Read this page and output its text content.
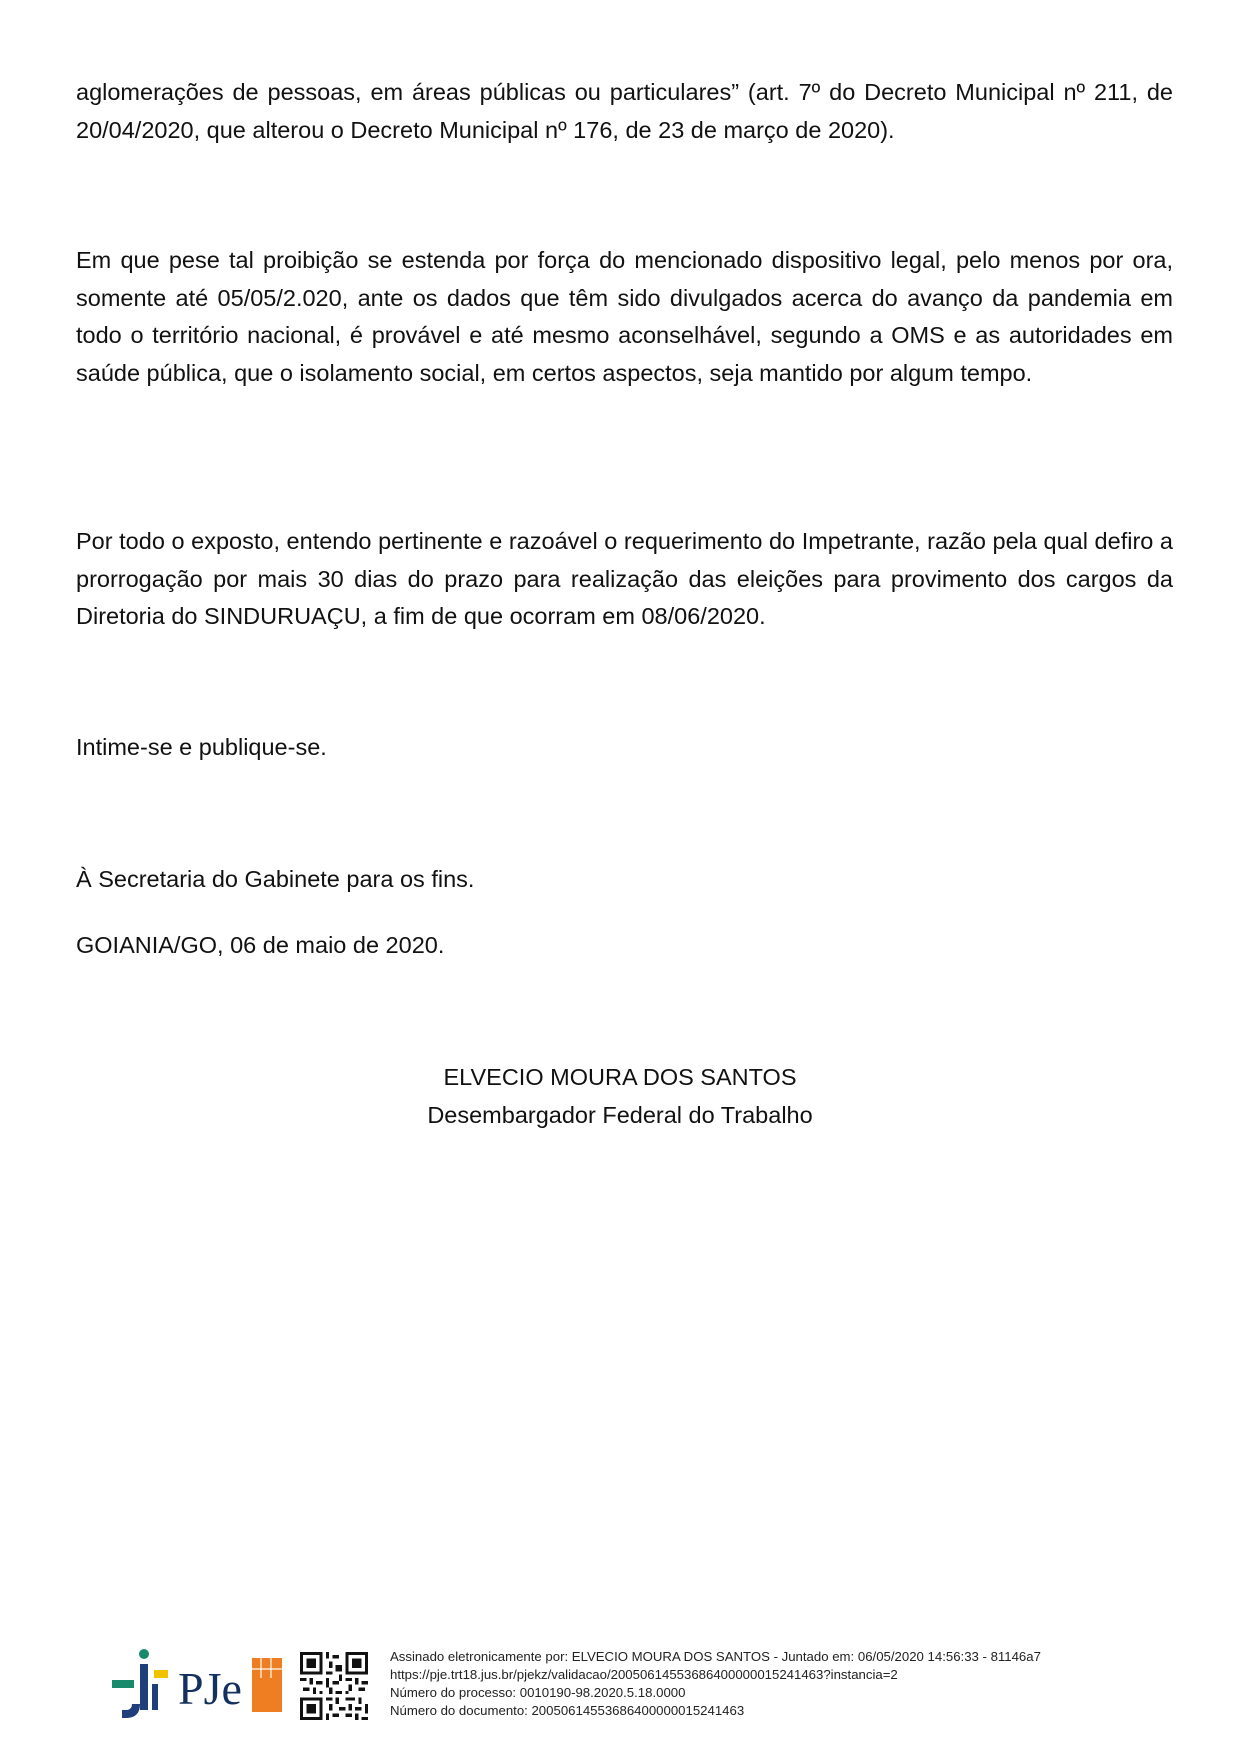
aglomerações de pessoas, em áreas públicas ou particulares” (art. 7º do Decreto Municipal nº 211, de 20/04/2020, que alterou o Decreto Municipal nº 176, de 23 de março de 2020).

Em que pese tal proibição se estenda por força do mencionado dispositivo legal, pelo menos por ora, somente até 05/05/2.020, ante os dados que têm sido divulgados acerca do avanço da pandemia em todo o território nacional, é provável e até mesmo aconselhável, segundo a OMS e as autoridades em saúde pública, que o isolamento social, em certos aspectos, seja mantido por algum tempo.

Por todo o exposto, entendo pertinente e razoável o requerimento do Impetrante, razão pela qual defiro a prorrogação por mais 30 dias do prazo para realização das eleições para provimento dos cargos da Diretoria do SINDURUAÇU, a fim de que ocorram em 08/06/2020.

Intime-se e publique-se.

À Secretaria do Gabinete para os fins.

GOIANIA/GO, 06 de maio de 2020.

ELVECIO MOURA DOS SANTOS

Desembargador Federal do Trabalho

PJe
Assinado eletronicamente por: ELVECIO MOURA DOS SANTOS - Juntado em: 06/05/2020 14:56:33 - 81146a7
https://pje.trt18.jus.br/pjekz/validacao/20050614553686400000015241463?instancia=2
Número do processo: 0010190-98.2020.5.18.0000
Número do documento: 20050614553686400000015241463
